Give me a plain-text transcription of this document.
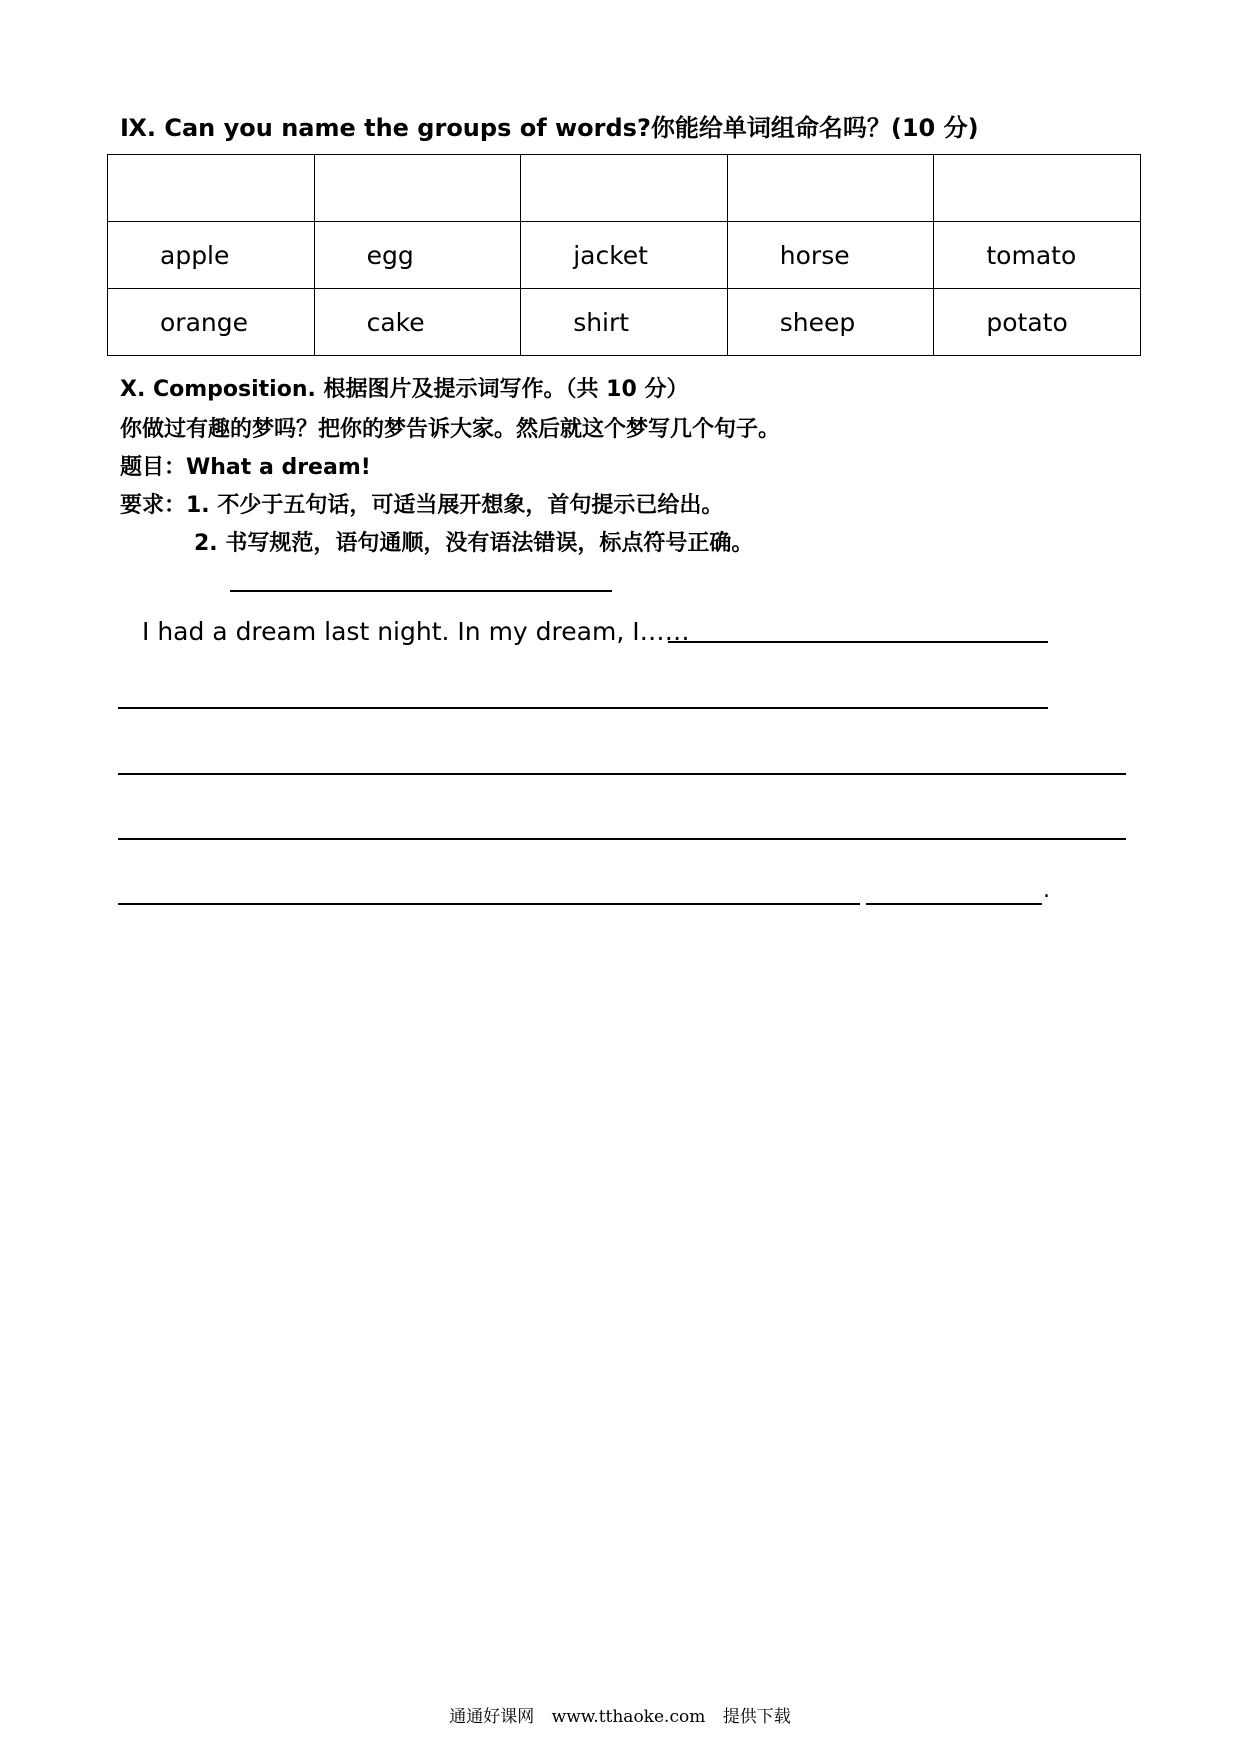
Ⅸ. Can you name the groups of words?你能给单词组命名吗？(10 分)

apple	egg	jacket	horse	tomato
orange	cake	shirt	sheep	potato
Ⅹ. Composition. 根据图片及提示词写作。（共 10 分）
你做过有趣的梦吗？把你的梦告诉大家。然后就这个梦写几个句子。
题目：What a dream!
要求：1. 不少于五句话，可适当展开想象，首句提示已给出。
2. 书写规范，语句通顺，没有语法错误，标点符号正确。
I had a dream last night. In my dream, I……
.
通通好课网 www.tthaoke.com 提供下载
